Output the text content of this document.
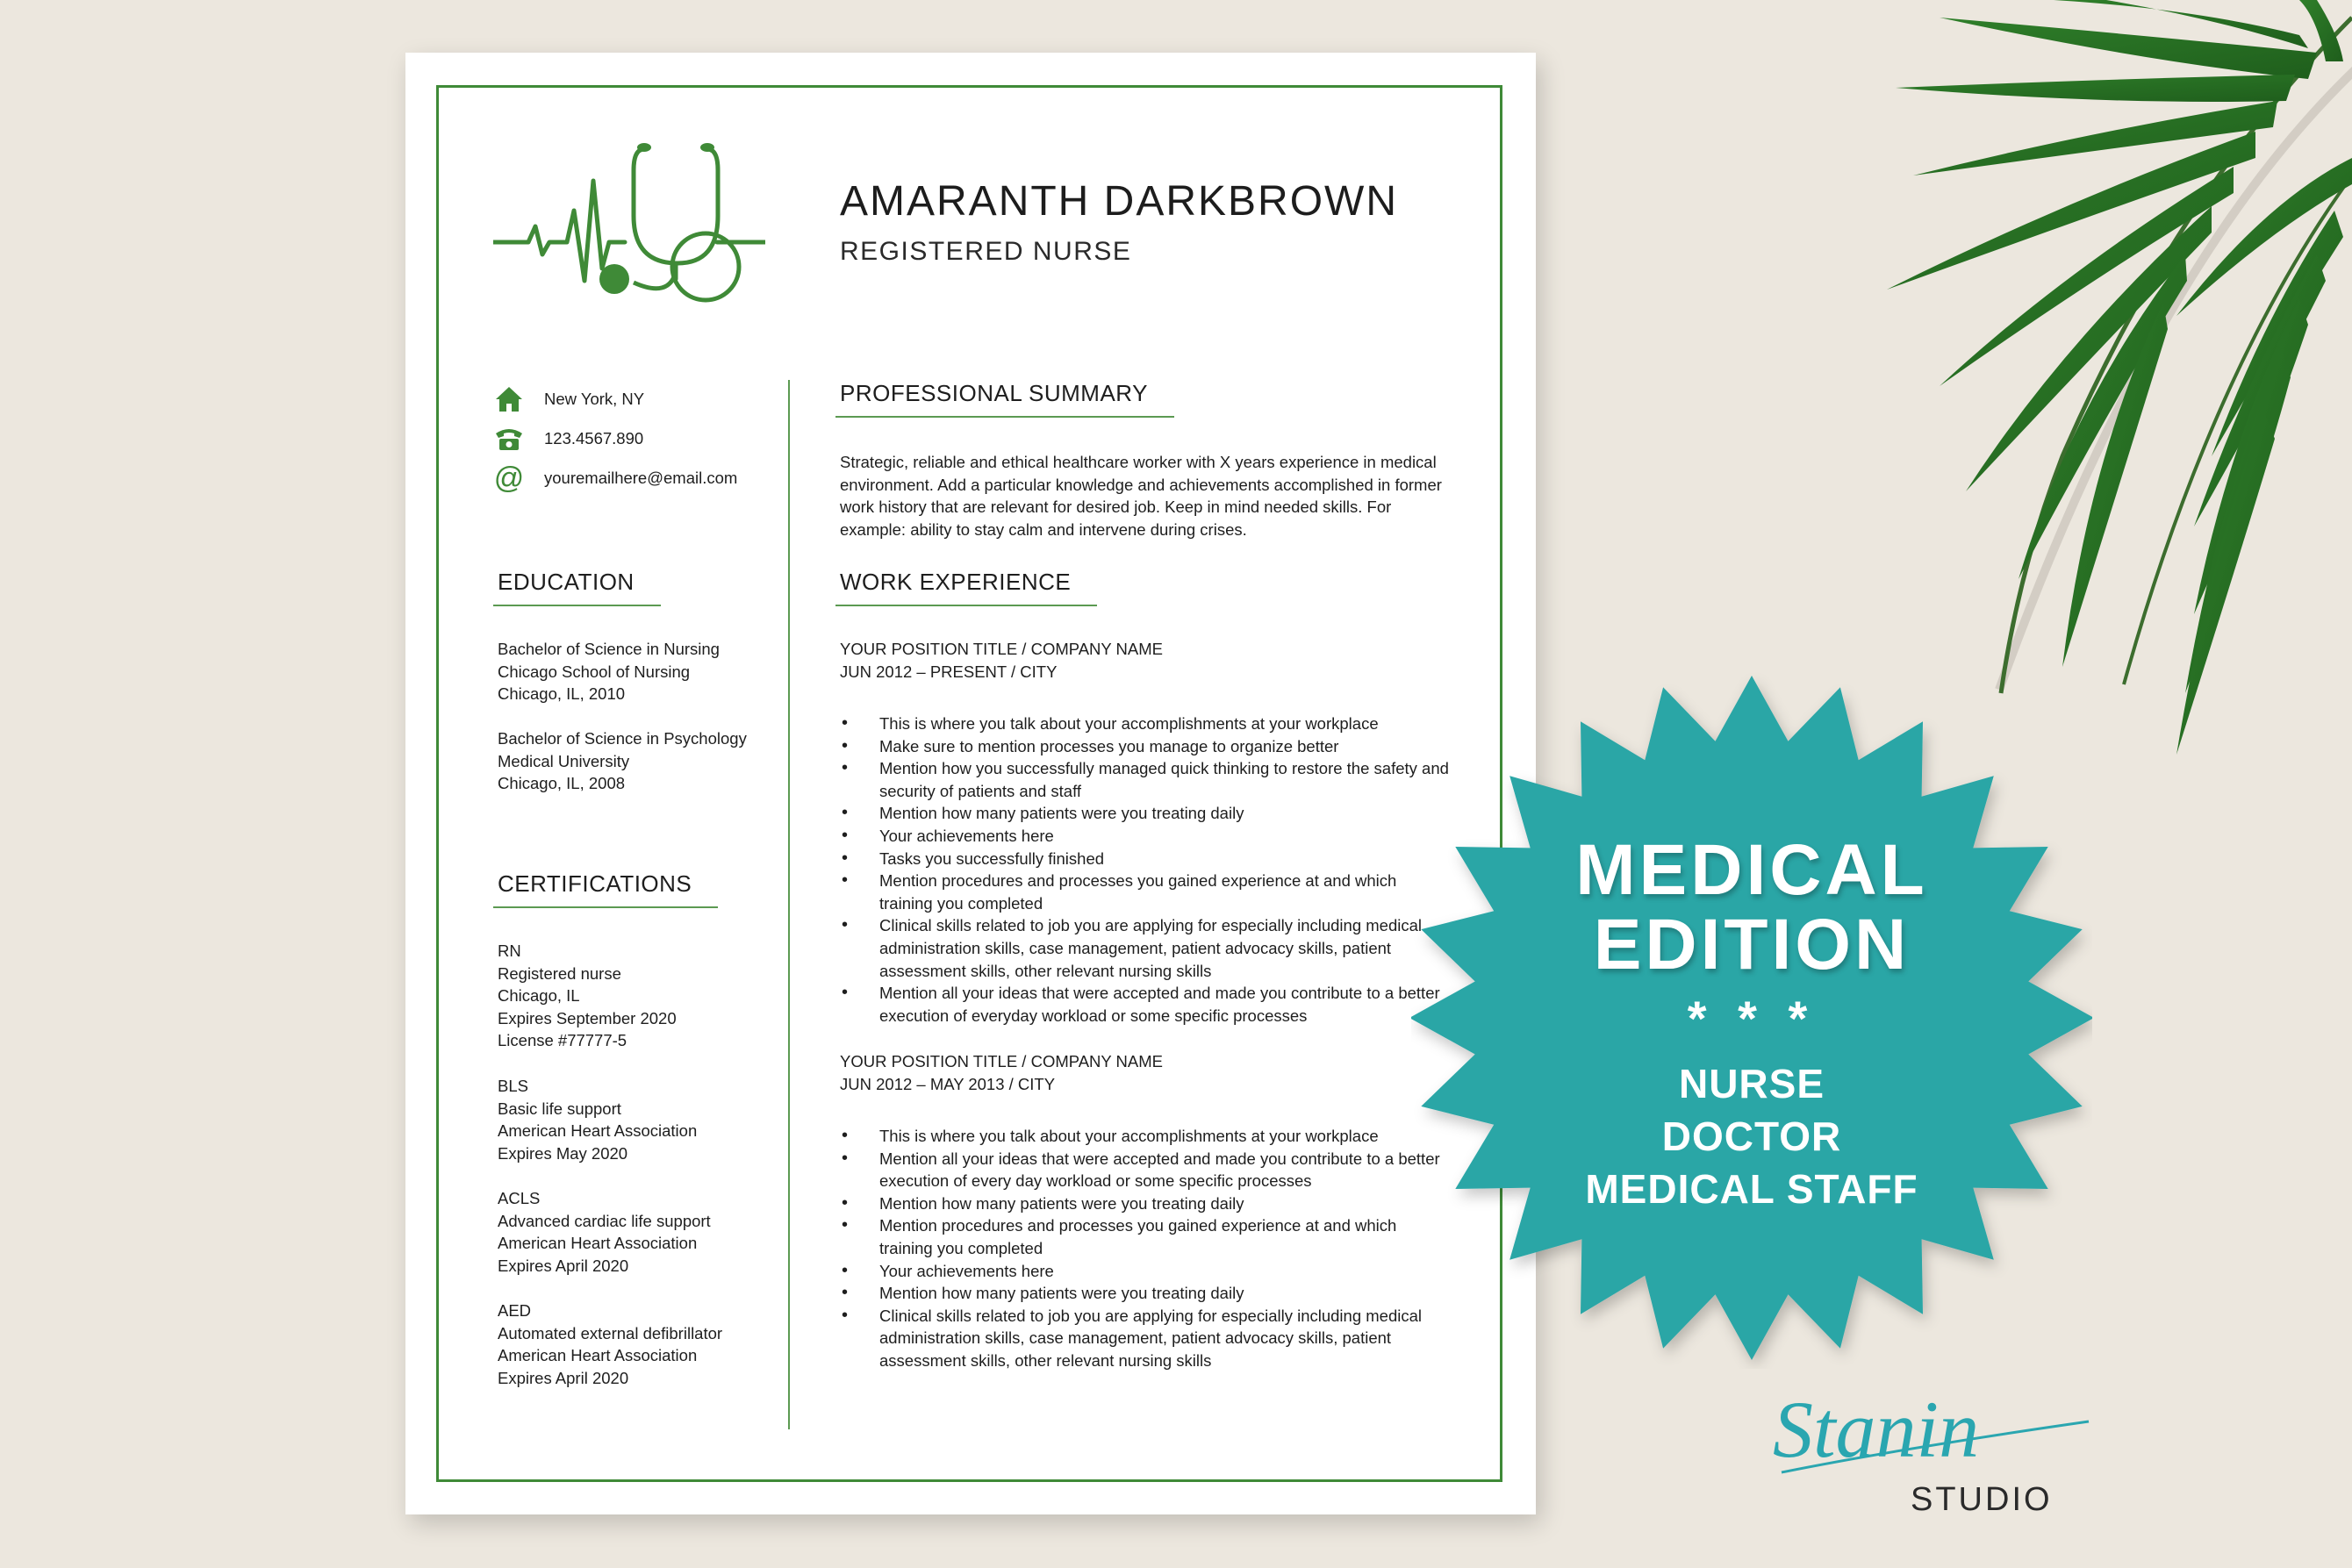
AMARANTH DARKBROWN
REGISTERED NURSE
New York, NY
123.4567.890
@ youremailhere@email.com
EDUCATION
Bachelor of Science in Nursing
Chicago School of Nursing
Chicago, IL, 2010
Bachelor of Science in Psychology
Medical University
Chicago, IL, 2008
CERTIFICATIONS
RN
Registered nurse
Chicago, IL
Expires September 2020
License #77777-5
BLS
Basic life support
American Heart Association
Expires May 2020
ACLS
Advanced cardiac life support
American Heart Association
Expires April 2020
AED
Automated external defibrillator
American Heart Association
Expires April 2020
PROFESSIONAL SUMMARY
Strategic, reliable and ethical healthcare worker with X years experience in medical environment. Add a particular knowledge and achievements accomplished in former work history that are relevant for desired job. Keep in mind needed skills. For example: ability to stay calm and intervene during crises.
WORK EXPERIENCE
YOUR POSITION TITLE / COMPANY NAME
JUN 2012 – PRESENT / CITY
• This is where you talk about your accomplishments at your workplace
• Make sure to mention processes you manage to organize better
• Mention how you successfully managed quick thinking to restore the safety and security of patients and staff
• Mention how many patients were you treating daily
• Your achievements here
• Tasks you successfully finished
• Mention procedures and processes you gained experience at and which training you completed
• Clinical skills related to job you are applying for especially including medical administration skills, case management, patient advocacy skills, patient assessment skills, other relevant nursing skills
• Mention all your ideas that were accepted and made you contribute to a better execution of everyday workload or some specific processes
YOUR POSITION TITLE / COMPANY NAME
JUN 2012 – MAY 2013 / CITY
• This is where you talk about your accomplishments at your workplace
• Mention all your ideas that were accepted and made you contribute to a better execution of every day workload or some specific processes
• Mention how many patients were you treating daily
• Mention procedures and processes you gained experience at and which training you completed
• Your achievements here
• Mention how many patients were you treating daily
• Clinical skills related to job you are applying for especially including medical administration skills, case management, patient advocacy skills, patient assessment skills, other relevant nursing skills
MEDICAL
EDITION
* * *
NURSE
DOCTOR
MEDICAL STAFF
Stanin
STUDIO
